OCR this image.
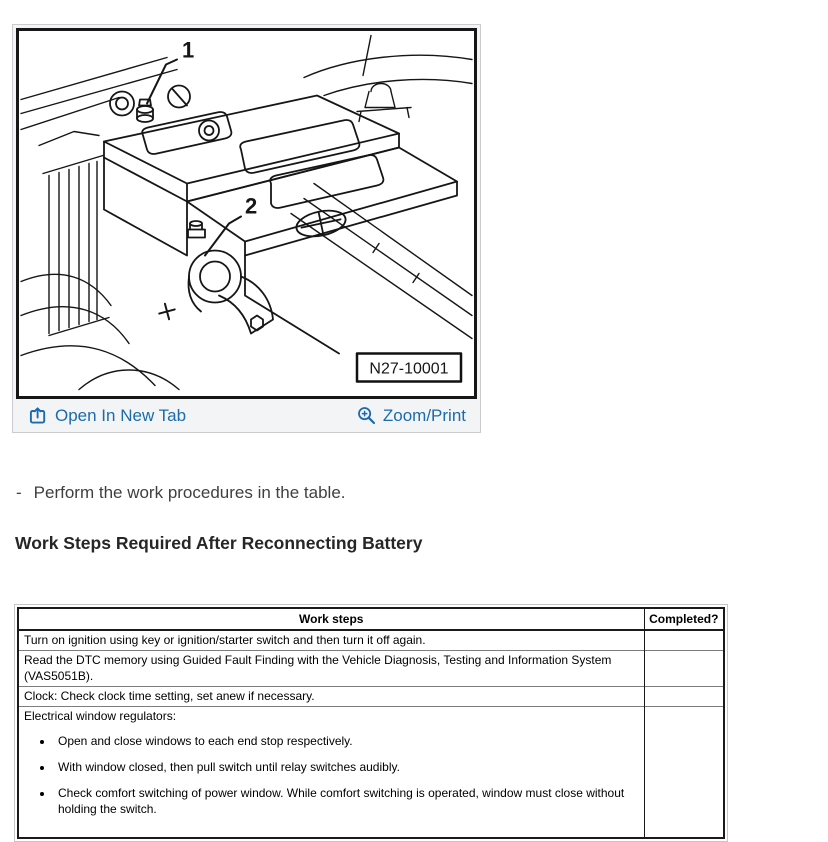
1
2
N27-10001
Open In New Tab	Zoom/Print
- Perform the work procedures in the table.
Work Steps Required After Reconnecting Battery
Work steps	Completed?
Turn on ignition using key or ignition/starter switch and then turn it off again.	
Read the DTC memory using Guided Fault Finding with the Vehicle Diagnosis, Testing and Information System (VAS5051B).	
Clock: Check clock time setting, set anew if necessary.	

Electrical window regulators:
• Open and close windows to each end stop respectively.
• With window closed, then pull switch until relay switches audibly.
• Check comfort switching of power window. While comfort switching is operated, window must close without holding the switch.
